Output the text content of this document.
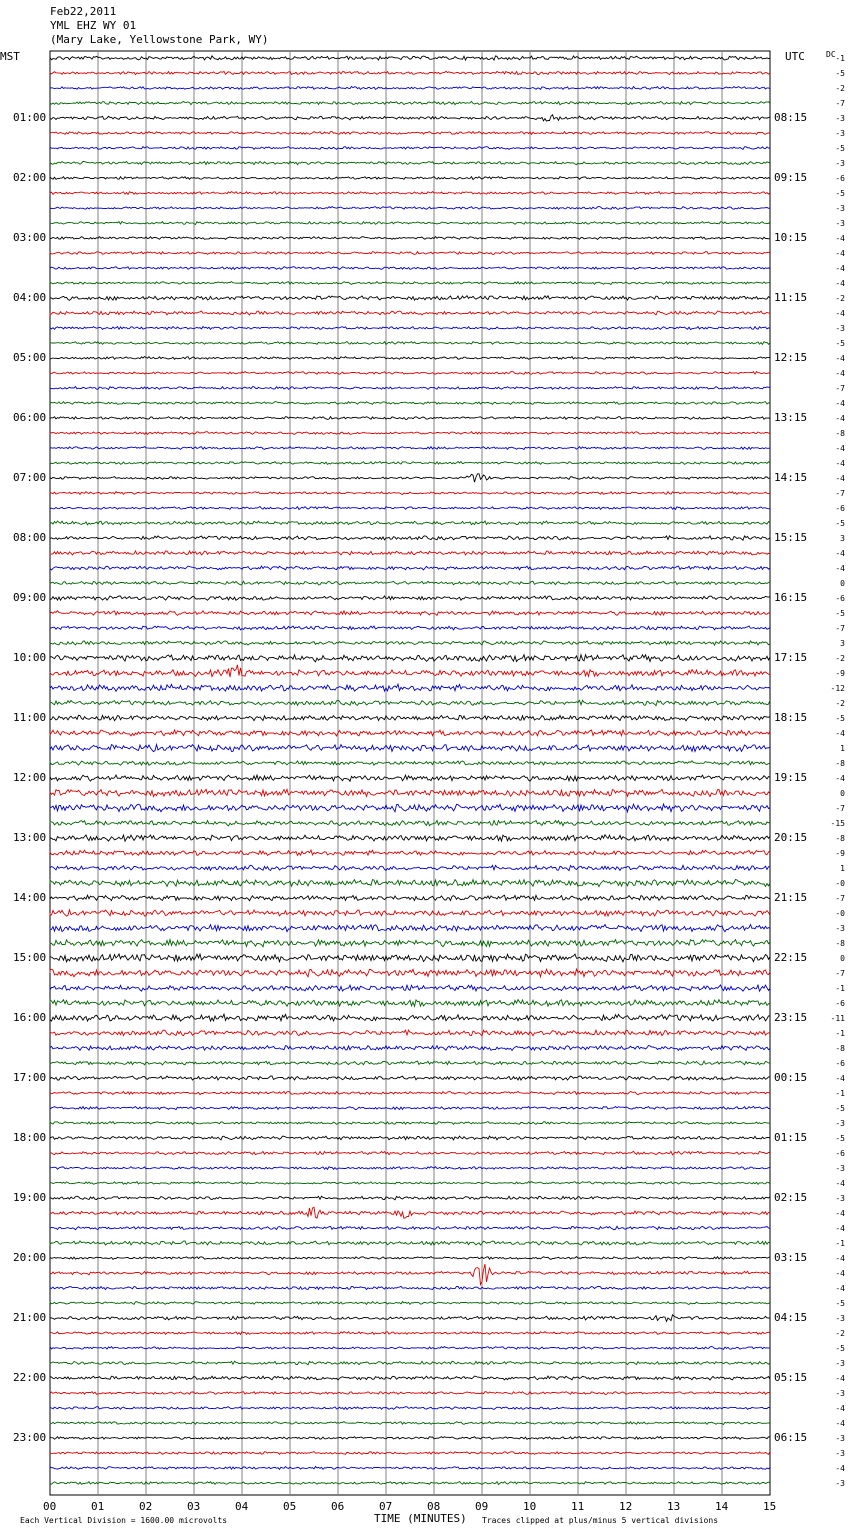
Feb22,2011
YML EHZ WY 01
(Mary Lake, Yellowstone Park, WY)
MST	UTC	DC
01:00
02:00
03:00
04:00
05:00
06:00
07:00
08:00
09:00
10:00
11:00
12:00
13:00
14:00
15:00
16:00
17:00
18:00
19:00
20:00
21:00
22:00
23:00
08:15
09:15
10:15
11:15
12:15
13:15
14:15
15:15
16:15
17:15
18:15
19:15
20:15
21:15
22:15
23:15
00:15
01:15
02:15
03:15
04:15
05:15
06:15
-1
-5
-2
-7
-3
-3
-5
-3
-6
-5
-3
-3
-4
-4
-4
-4
-2
-4
-3
-5
-4
-4
-7
-4
-4
-8
-4
-4
-4
-7
-6
-5
3
-4
-4
0
-6
-5
-7
3
-2
-9
-12
-2
-5
-4
1
-8
-4
0
-7
-15
-8
-9
1
-0
-7
-0
-3
-8
0
-7
-1
-6
-11
-1
-8
-6
-4
-1
-5
-3
-5
-6
-3
-4
-3
-4
-4
-1
-4
-4
-4
-5
-3
-2
-5
-3
-4
-3
-4
-4
-3
-3
-4
-3
00	01	02	03	04	05	06	07	08	09	10	11	12	13	14	15
Each Vertical Division = 1600.00 microvolts	TIME (MINUTES) Traces clipped at plus/minus 5 vertical divisions
